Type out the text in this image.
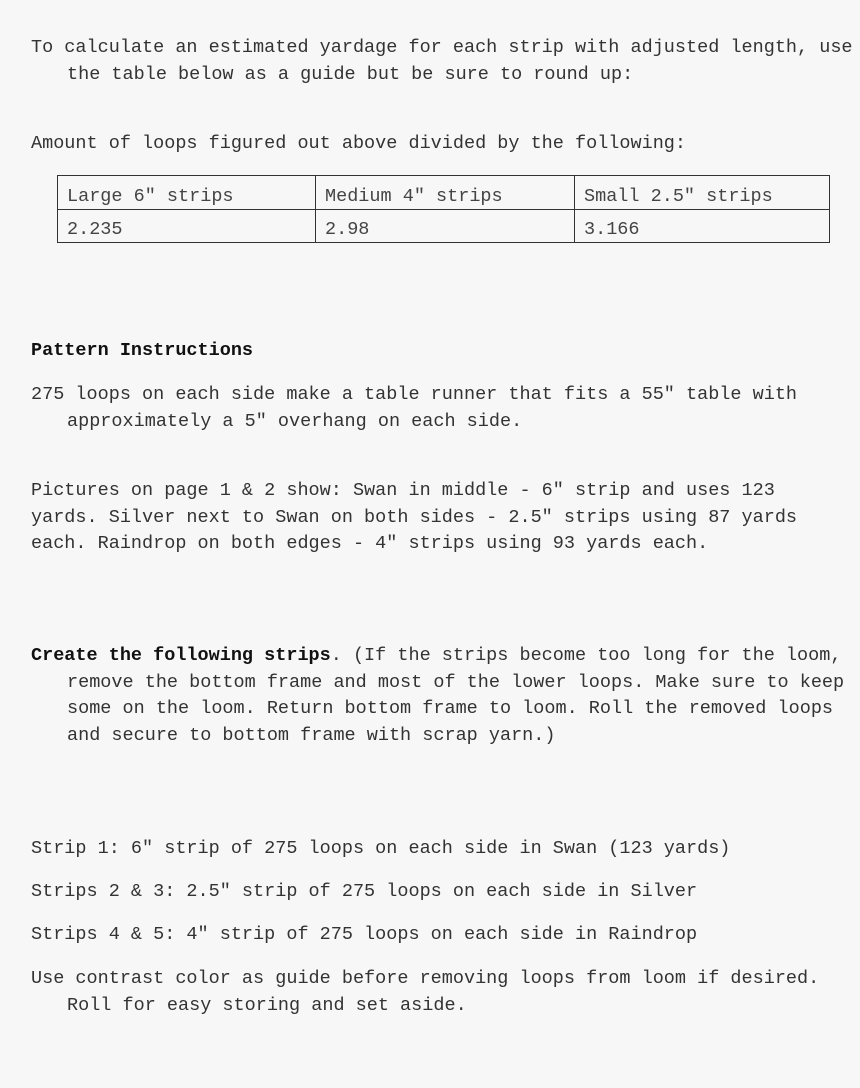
To calculate an estimated yardage for each strip with adjusted length, use the table below as a guide but be sure to round up:

Amount of loops figured out above divided by the following:

Large 6″ strips	Medium 4″ strips	Small 2.5″ strips
2.235	2.98	3.166

Pattern Instructions

275 loops on each side make a table runner that fits a 55″ table with approximately a 5″ overhang on each side.

Pictures on page 1 & 2 show: Swan in middle - 6″ strip and uses 123 yards. Silver next to Swan on both sides - 2.5″ strips using 87 yards each. Raindrop on both edges - 4″ strips using 93 yards each.

Create the following strips. (If the strips become too long for the loom, remove the bottom frame and most of the lower loops. Make sure to keep some on the loom. Return bottom frame to loom. Roll the removed loops and secure to bottom frame with scrap yarn.)

Strip 1: 6" strip of 275 loops on each side in Swan (123 yards)

Strips 2 & 3: 2.5" strip of 275 loops on each side in Silver

Strips 4 & 5: 4" strip of 275 loops on each side in Raindrop

Use contrast color as guide before removing loops from loom if desired. Roll for easy storing and set aside.
